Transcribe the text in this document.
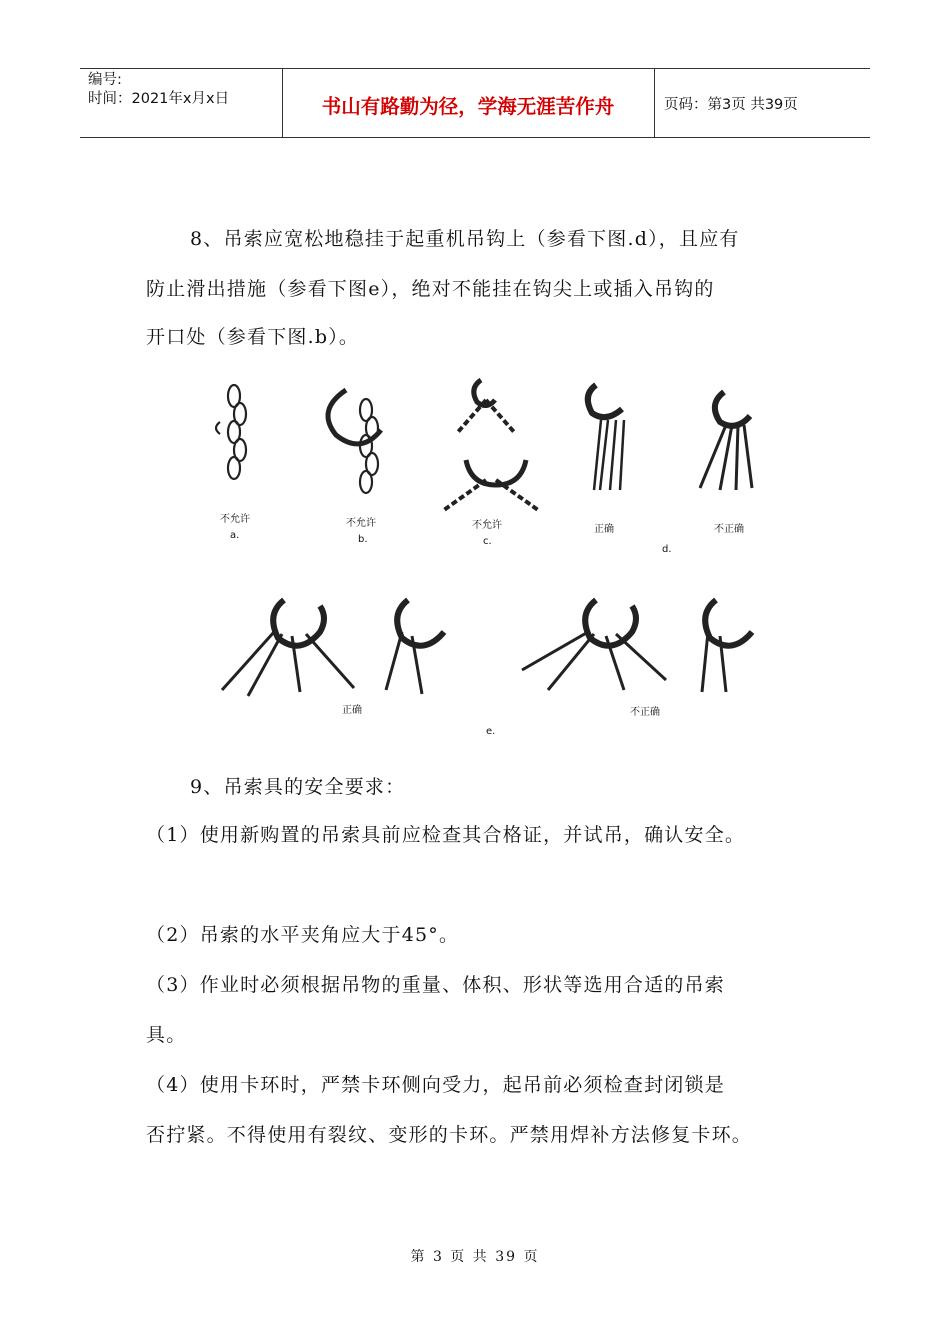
编号:
时间：2021年x月x日	书山有路勤为径，学海无涯苦作舟	页码：第3页 共39页
8、吊索应宽松地稳挂于起重机吊钩上（参看下图.d），且应有
防止滑出措施（参看下图e），绝对不能挂在钩尖上或插入吊钩的
开口处（参看下图.b）。
不允许
a.
不允许
b.
不允许
c.
正确	不正确
d.
正确	不正确
e.
9、吊索具的安全要求：
（1）使用新购置的吊索具前应检查其合格证，并试吊，确认安全。
（2）吊索的水平夹角应大于45°。
（3）作业时必须根据吊物的重量、体积、形状等选用合适的吊索
具。
（4）使用卡环时，严禁卡环侧向受力，起吊前必须检查封闭锁是
否拧紧。不得使用有裂纹、变形的卡环。严禁用焊补方法修复卡环。
第 3 页 共 39 页
